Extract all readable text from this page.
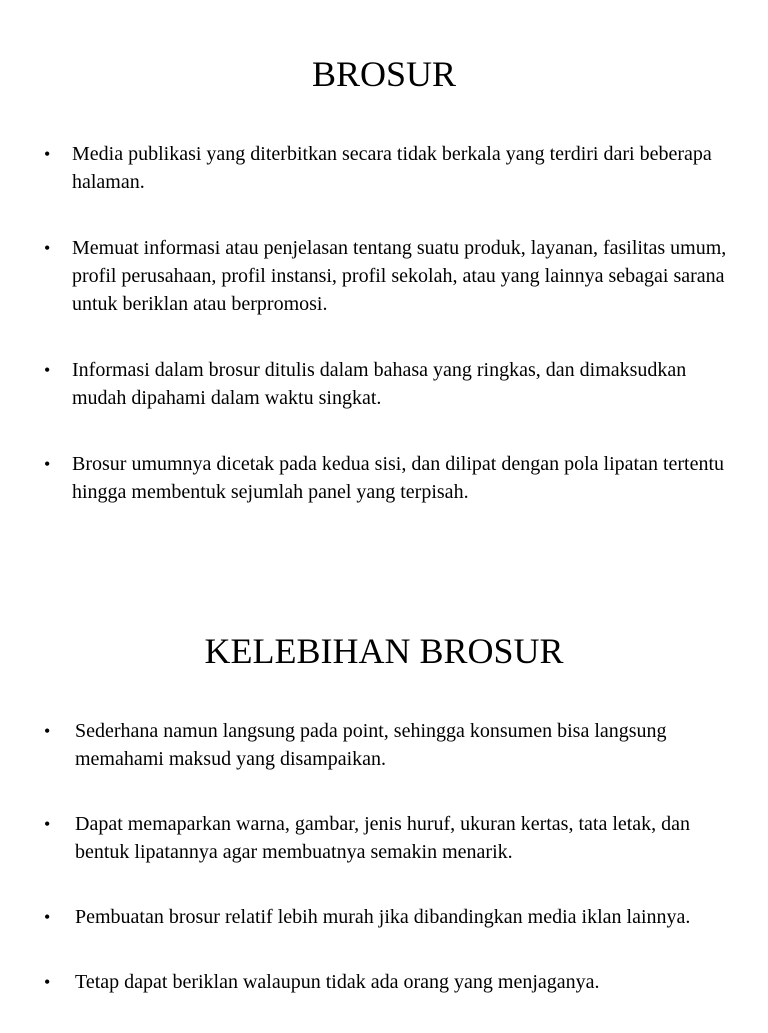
BROSUR
• Media publikasi yang diterbitkan secara tidak berkala yang terdiri dari beberapa halaman.
• Memuat informasi atau penjelasan tentang suatu produk, layanan, fasilitas umum, profil perusahaan, profil instansi, profil sekolah, atau yang lainnya sebagai sarana untuk beriklan atau berpromosi.
• Informasi dalam brosur ditulis dalam bahasa yang ringkas, dan dimaksudkan mudah dipahami dalam waktu singkat.
• Brosur umumnya dicetak pada kedua sisi, dan dilipat dengan pola lipatan tertentu hingga membentuk sejumlah panel yang terpisah.
KELEBIHAN BROSUR
• Sederhana namun langsung pada point, sehingga konsumen bisa langsung memahami maksud yang disampaikan.
• Dapat memaparkan warna, gambar, jenis huruf, ukuran kertas, tata letak, dan bentuk lipatannya agar membuatnya semakin menarik.
• Pembuatan brosur relatif lebih murah jika dibandingkan media iklan lainnya.
• Tetap dapat beriklan walaupun tidak ada orang yang menjaganya.
